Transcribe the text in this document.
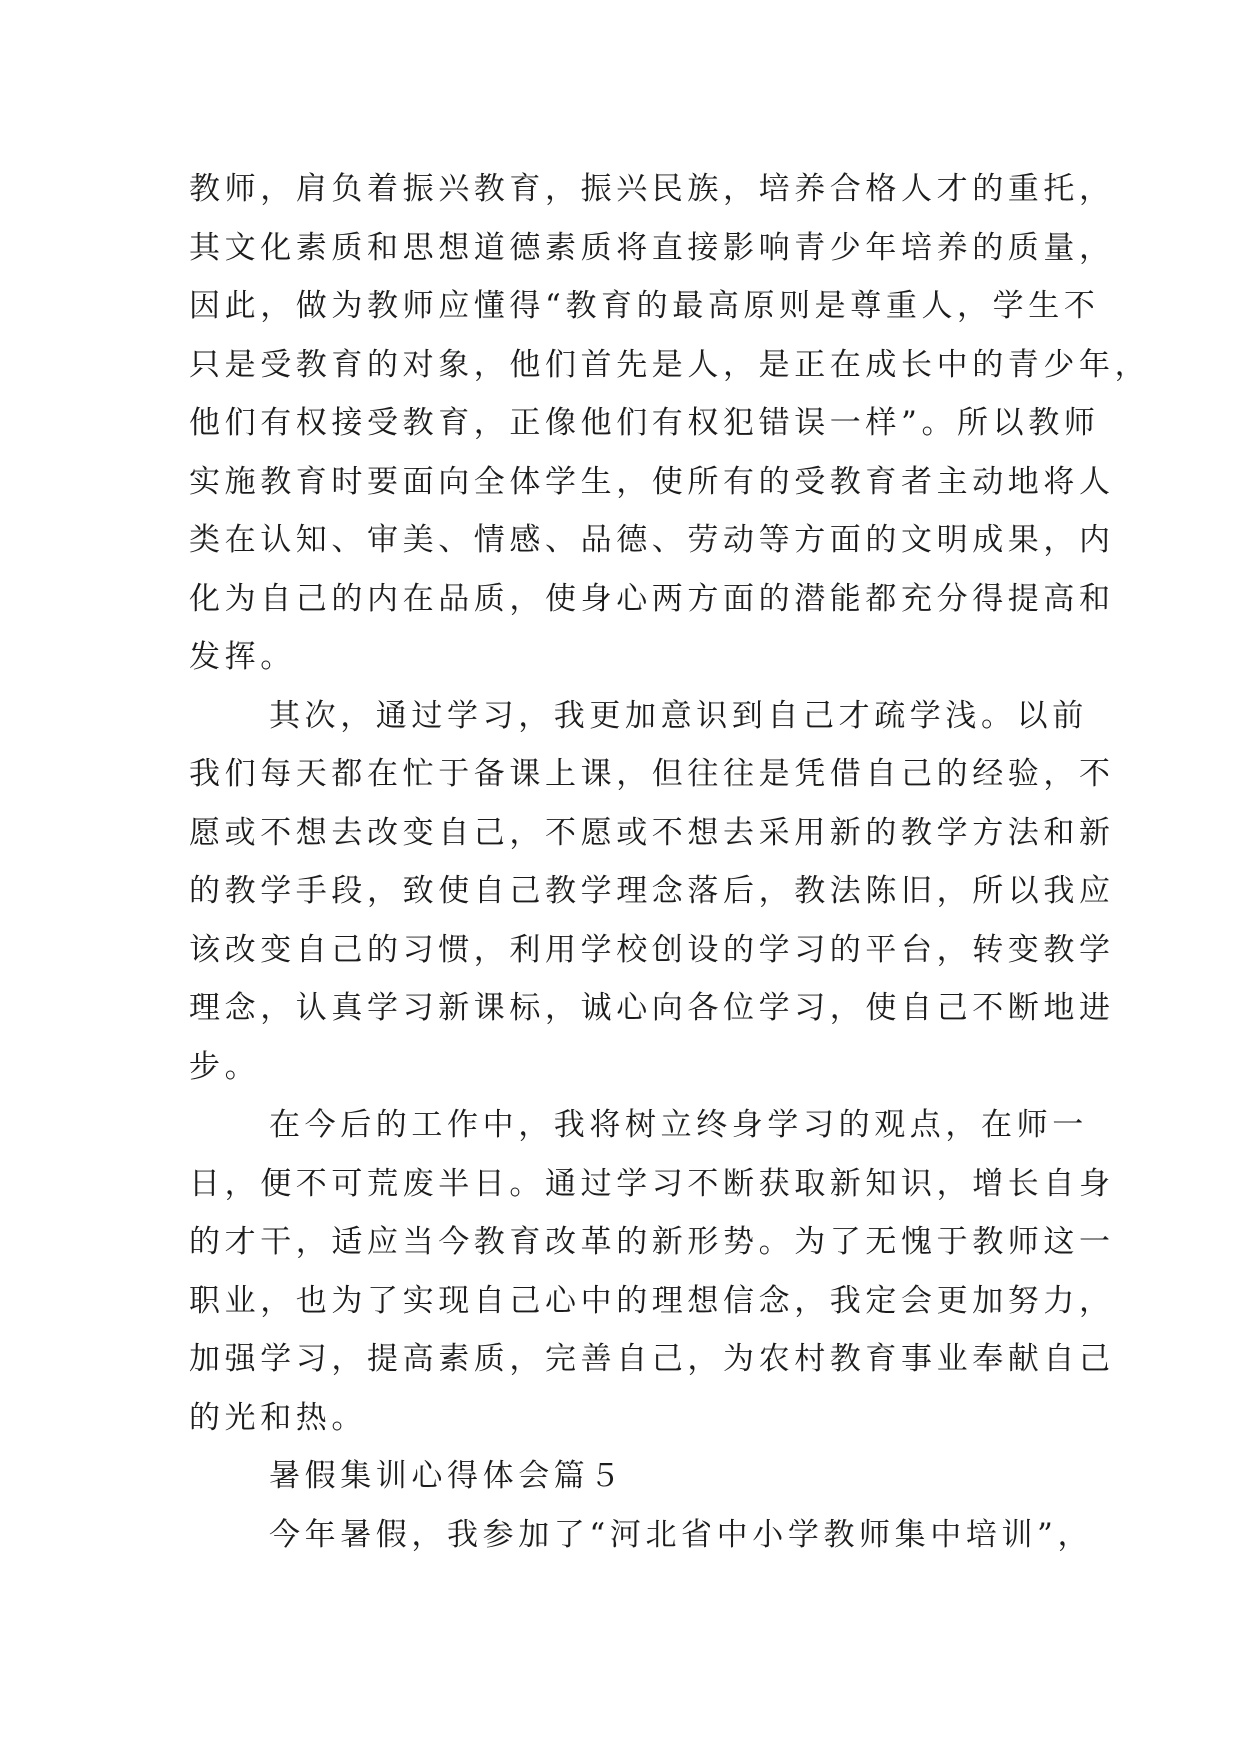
教师，肩负着振兴教育，振兴民族，培养合格人才的重托，
其文化素质和思想道德素质将直接影响青少年培养的质量，
因此，做为教师应懂得“教育的最高原则是尊重人，学生不
只是受教育的对象，他们首先是人，是正在成长中的青少年，
他们有权接受教育，正像他们有权犯错误一样”。所以教师
实施教育时要面向全体学生，使所有的受教育者主动地将人
类在认知、审美、情感、品德、劳动等方面的文明成果，内
化为自己的内在品质，使身心两方面的潜能都充分得提高和
发挥。

其次，通过学习，我更加意识到自己才疏学浅。以前
我们每天都在忙于备课上课，但往往是凭借自己的经验，不
愿或不想去改变自己，不愿或不想去采用新的教学方法和新
的教学手段，致使自己教学理念落后，教法陈旧，所以我应
该改变自己的习惯，利用学校创设的学习的平台，转变教学
理念，认真学习新课标，诚心向各位学习，使自己不断地进
步。

在今后的工作中，我将树立终身学习的观点，在师一
日，便不可荒废半日。通过学习不断获取新知识，增长自身
的才干，适应当今教育改革的新形势。为了无愧于教师这一
职业，也为了实现自己心中的理想信念，我定会更加努力，
加强学习，提高素质，完善自己，为农村教育事业奉献自己
的光和热。

暑假集训心得体会篇５

今年暑假，我参加了“河北省中小学教师集中培训”，
